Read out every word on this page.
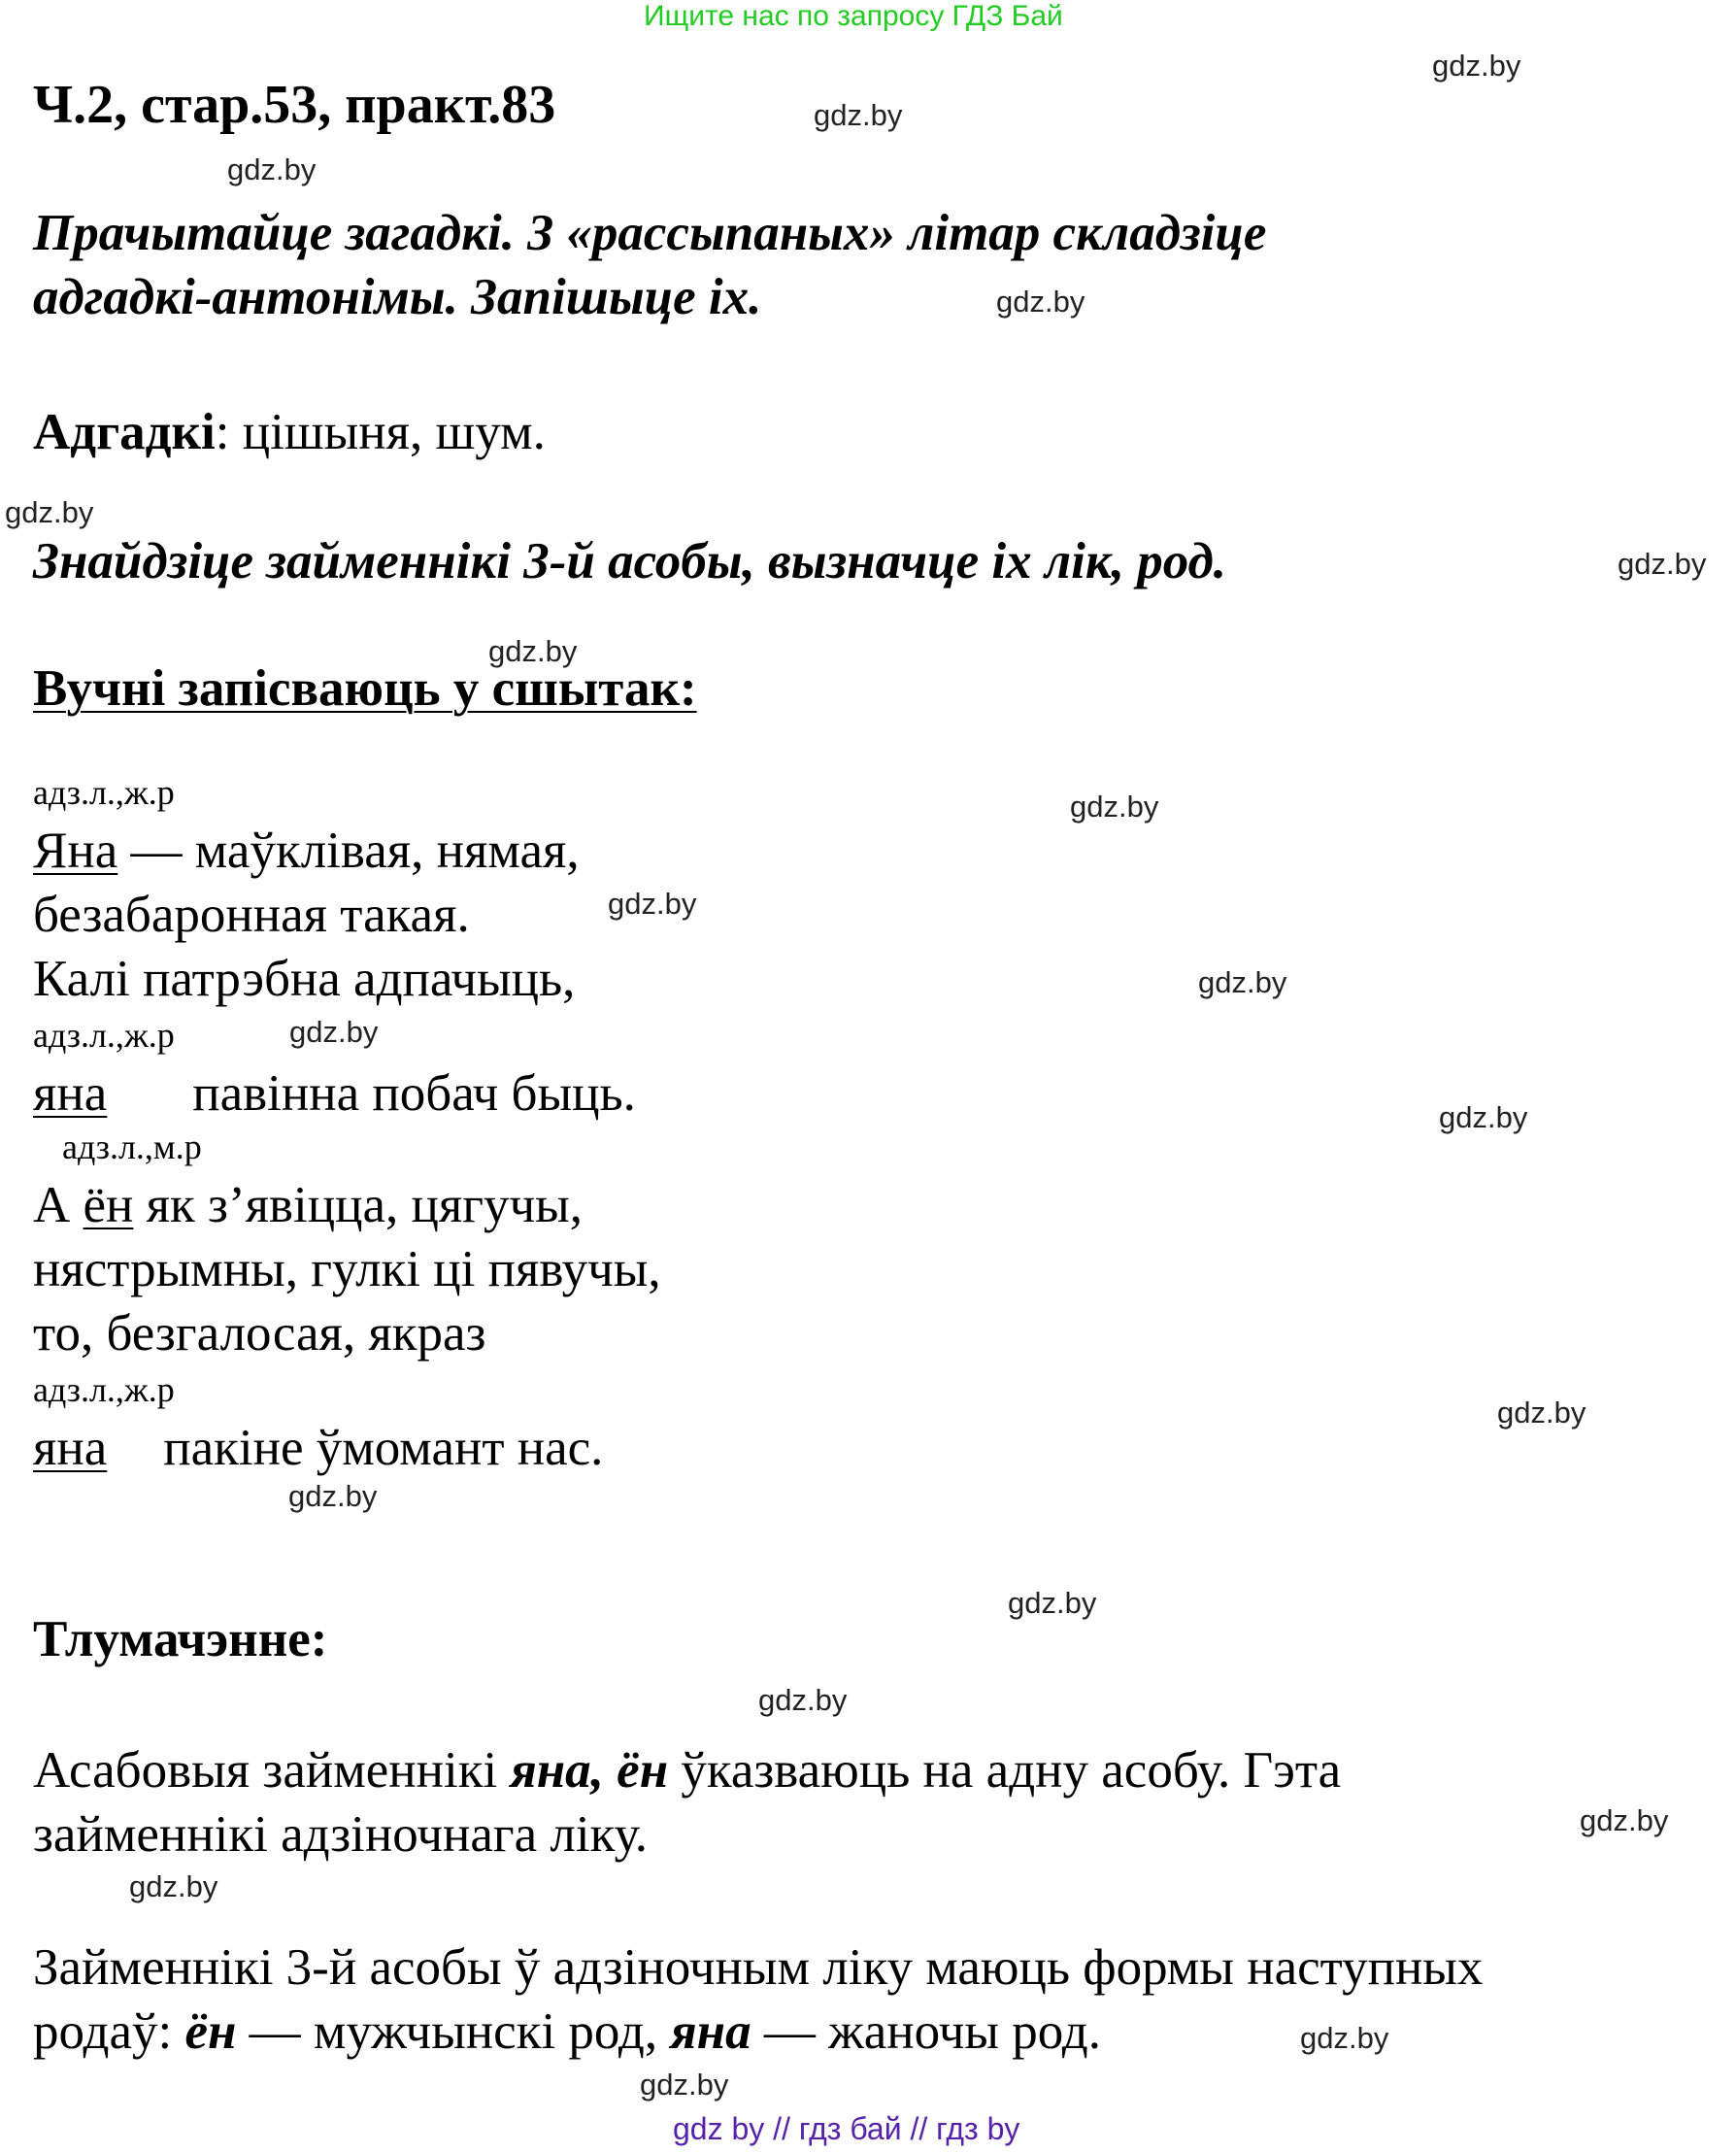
Ищите нас по запросу ГДЗ Бай
Ч.2, стар.53, практ.83
Прачытайце загадкі. З «рассыпаных» літар складзіце
адгадкі-антонімы. Запішыце іх.
Адгадкі: цішыня, шум.
Знайдзіце займеннікі 3-й асобы, вызначце іх лік, род.
Вучні запісваюць у сшытак:
адз.л.,ж.р
Яна — маўклівая, нямая,
безабаронная такая.
Калі патрэбна адпачыць,
адз.л.,ж.р
яна павінна побач быць.
адз.л.,м.р
А ён як з’явіцца, цягучы,
нястрымны, гулкі ці пявучы,
то, безгалосая, якраз
адз.л.,ж.р
яна пакіне ўмомант нас.
Тлумачэнне:
Асабовыя займеннікі яна, ён ўказваюць на адну асобу. Гэта
займеннікі адзіночнага ліку.
Займеннікі 3-й асобы ў адзіночным ліку маюць формы наступных
родаў: ён — мужчынскі род, яна — жаночы род.
gdz by // гдз бай // гдз by
gdz.by
gdz.by
gdz.by
gdz.by
gdz.by
gdz.by
gdz.by
gdz.by
gdz.by
gdz.by
gdz.by
gdz.by
gdz.by
gdz.by
gdz.by
gdz.by
gdz.by
gdz.by
gdz.by
gdz.by
